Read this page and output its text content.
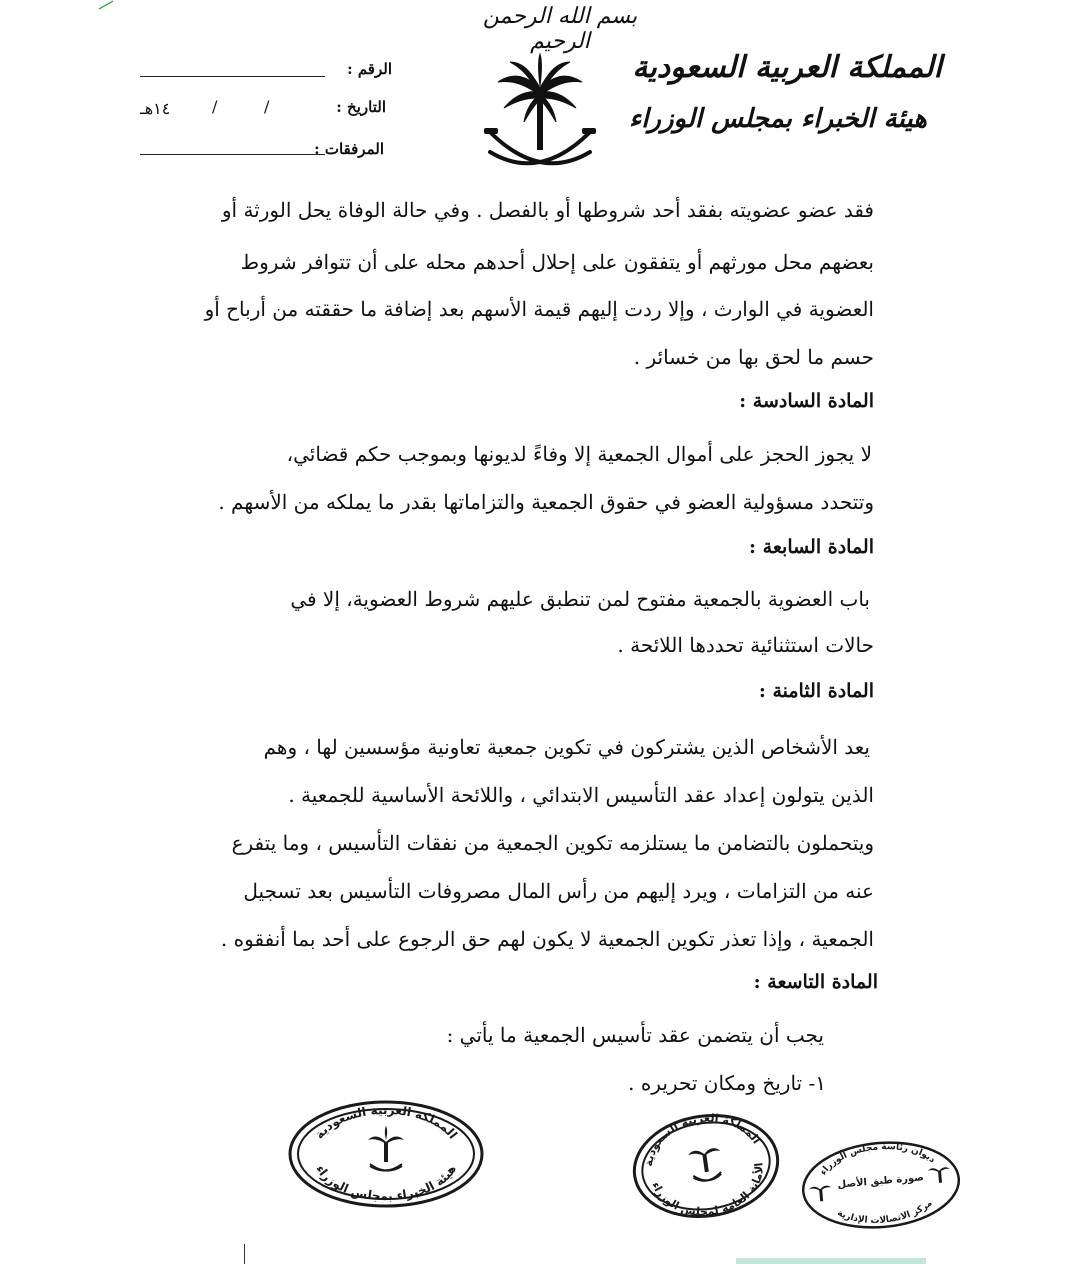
بسم الله الرحمن الرحيم
المملكة العربية السعودية
هيئة الخبراء بمجلس الوزراء
الرقم :
التاريخ :
/
/
١٤هـ
المرفقات :
فقد عضو عضويته بفقد أحد شروطها أو بالفصل . وفي حالة الوفاة يحل الورثة أو
بعضهم محل مورثهم أو يتفقون على إحلال أحدهم محله على أن تتوافر شروط
العضوية في الوارث ، وإلا ردت إليهم قيمة الأسهم بعد إضافة ما حققته من أرباح أو
حسم ما لحق بها من خسائر .
المادة السادسة :
لا يجوز الحجز على أموال الجمعية إلا وفاءً لديونها وبموجب حكم قضائي،
وتتحدد مسؤولية العضو في حقوق الجمعية والتزاماتها بقدر ما يملكه من الأسهم .
المادة السابعة :
باب العضوية بالجمعية مفتوح لمن تنطبق عليهم شروط العضوية، إلا في
حالات استثنائية تحددها اللائحة .
المادة الثامنة :
يعد الأشخاص الذين يشتركون في تكوين جمعية تعاونية مؤسسين لها ، وهم
الذين يتولون إعداد عقد التأسيس الابتدائي ، واللائحة الأساسية للجمعية .
ويتحملون بالتضامن ما يستلزمه تكوين الجمعية من نفقات التأسيس ، وما يتفرع
عنه من التزامات ، ويرد إليهم من رأس المال مصروفات التأسيس بعد تسجيل
الجمعية ، وإذا تعذر تكوين الجمعية لا يكون لهم حق الرجوع على أحد بما أنفقوه .
المادة التاسعة :
يجب أن يتضمن عقد تأسيس الجمعية ما يأتي :
١- تاريخ ومكان تحريره .
المملكة العربية السعودية
هيئة الخبراء بمجلس الوزراء	المملكة العربية السعودية
الأمانة العامة لمجلس الوزراء
ديوان رئاسة مجلس الوزراء
صورة طبق الأصل
مركز الاتصالات الإدارية
